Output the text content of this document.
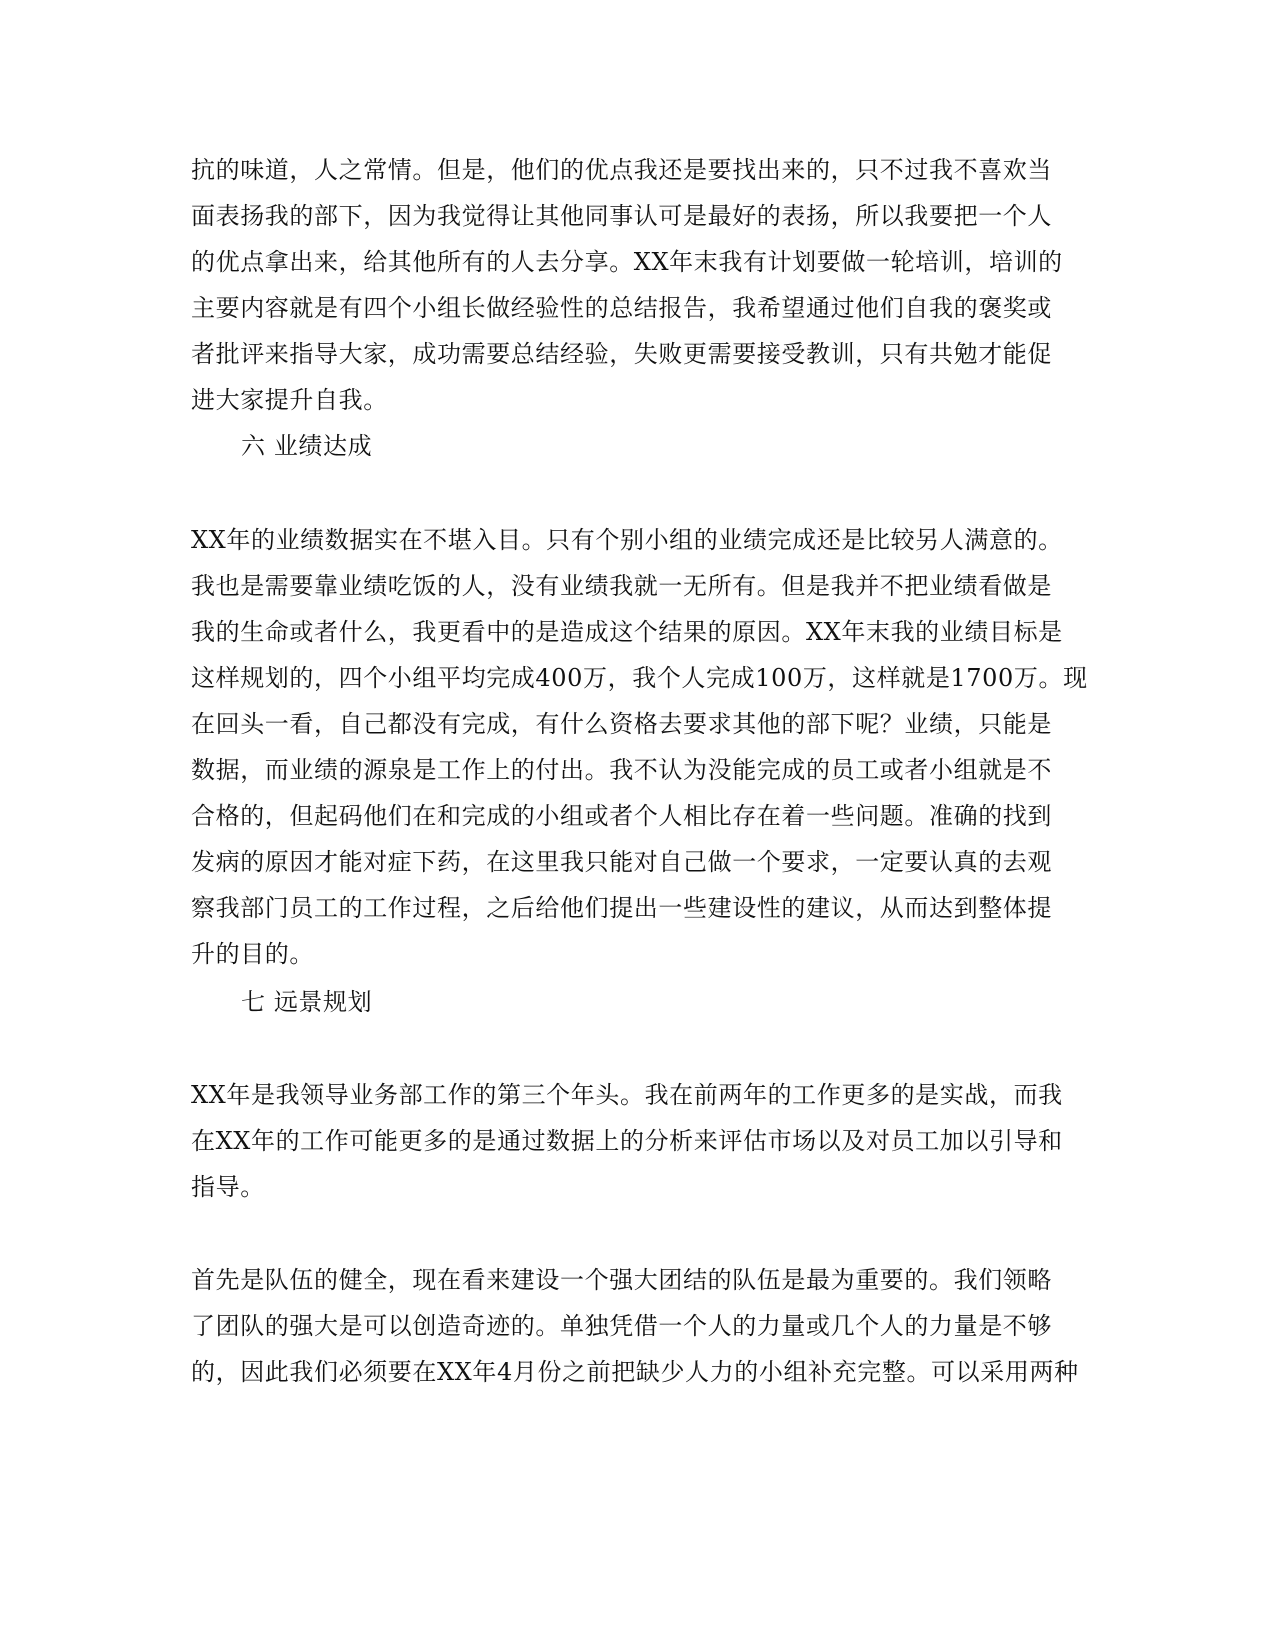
抗的味道，人之常情。但是，他们的优点我还是要找出来的，只不过我不喜欢当
面表扬我的部下，因为我觉得让其他同事认可是最好的表扬，所以我要把一个人
的优点拿出来，给其他所有的人去分享。XX年末我有计划要做一轮培训，培训的
主要内容就是有四个小组长做经验性的总结报告，我希望通过他们自我的褒奖或
者批评来指导大家，成功需要总结经验，失败更需要接受教训，只有共勉才能促
进大家提升自我。
六 业绩达成
XX年的业绩数据实在不堪入目。只有个别小组的业绩完成还是比较另人满意的。
我也是需要靠业绩吃饭的人，没有业绩我就一无所有。但是我并不把业绩看做是
我的生命或者什么，我更看中的是造成这个结果的原因。XX年末我的业绩目标是
这样规划的，四个小组平均完成400万，我个人完成100万，这样就是1700万。现
在回头一看，自己都没有完成，有什么资格去要求其他的部下呢？业绩，只能是
数据，而业绩的源泉是工作上的付出。我不认为没能完成的员工或者小组就是不
合格的，但起码他们在和完成的小组或者个人相比存在着一些问题。准确的找到
发病的原因才能对症下药，在这里我只能对自己做一个要求，一定要认真的去观
察我部门员工的工作过程，之后给他们提出一些建设性的建议，从而达到整体提
升的目的。
七 远景规划
XX年是我领导业务部工作的第三个年头。我在前两年的工作更多的是实战，而我
在XX年的工作可能更多的是通过数据上的分析来评估市场以及对员工加以引导和
指导。
首先是队伍的健全，现在看来建设一个强大团结的队伍是最为重要的。我们领略
了团队的强大是可以创造奇迹的。单独凭借一个人的力量或几个人的力量是不够
的，因此我们必须要在XX年4月份之前把缺少人力的小组补充完整。可以采用两种
